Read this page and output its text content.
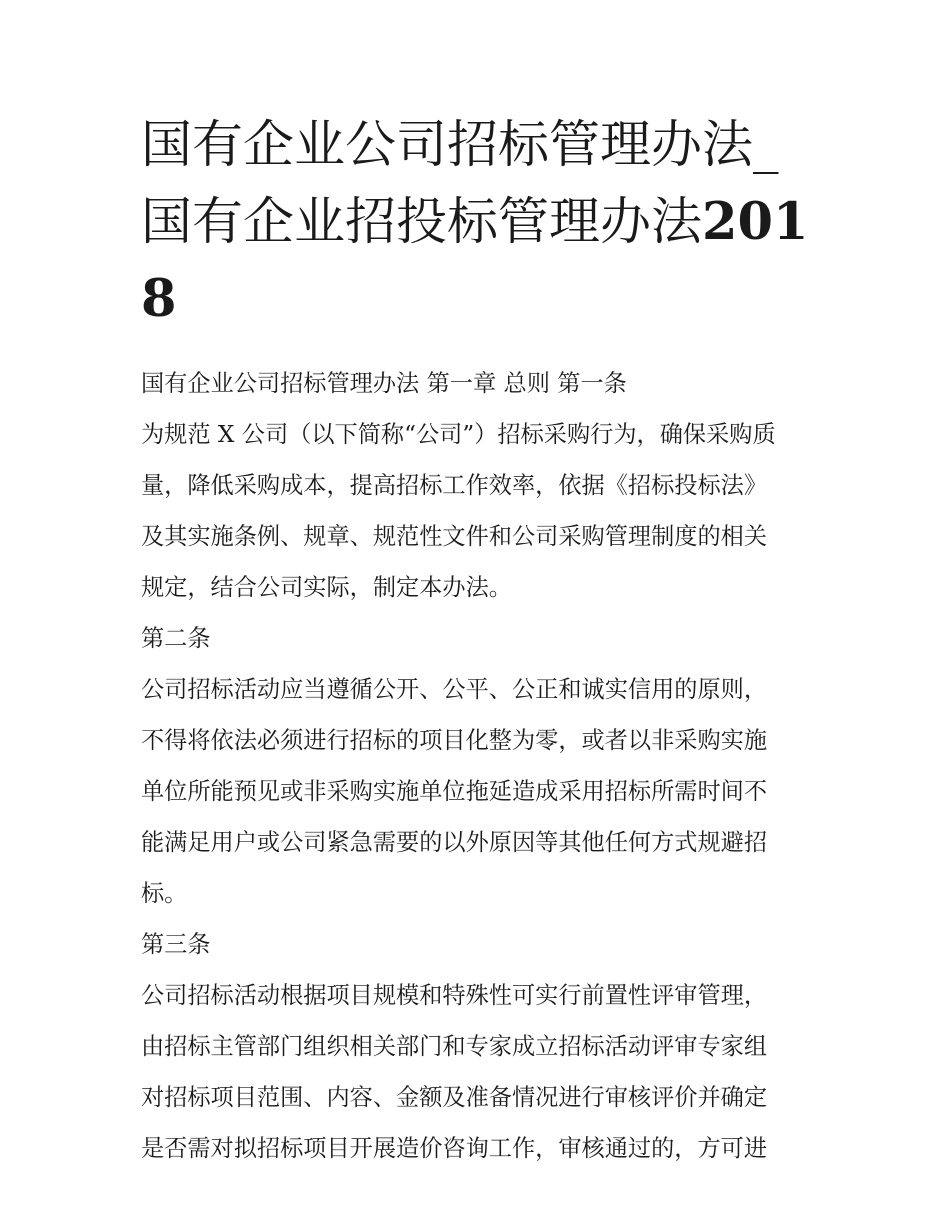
国有企业公司招标管理办法_国有企业招投标管理办法2018
国有企业公司招标管理办法 第一章 总则 第一条
为规范 X 公司（以下简称“公司”）招标采购行为，确保采购质
量，降低采购成本，提高招标工作效率，依据《招标投标法》
及其实施条例、规章、规范性文件和公司采购管理制度的相关
规定，结合公司实际，制定本办法。
第二条
公司招标活动应当遵循公开、公平、公正和诚实信用的原则，
不得将依法必须进行招标的项目化整为零，或者以非采购实施
单位所能预见或非采购实施单位拖延造成采用招标所需时间不
能满足用户或公司紧急需要的以外原因等其他任何方式规避招
标。
第三条
公司招标活动根据项目规模和特殊性可实行前置性评审管理，
由招标主管部门组织相关部门和专家成立招标活动评审专家组
对招标项目范围、内容、金额及准备情况进行审核评价并确定
是否需对拟招标项目开展造价咨询工作，审核通过的，方可进
